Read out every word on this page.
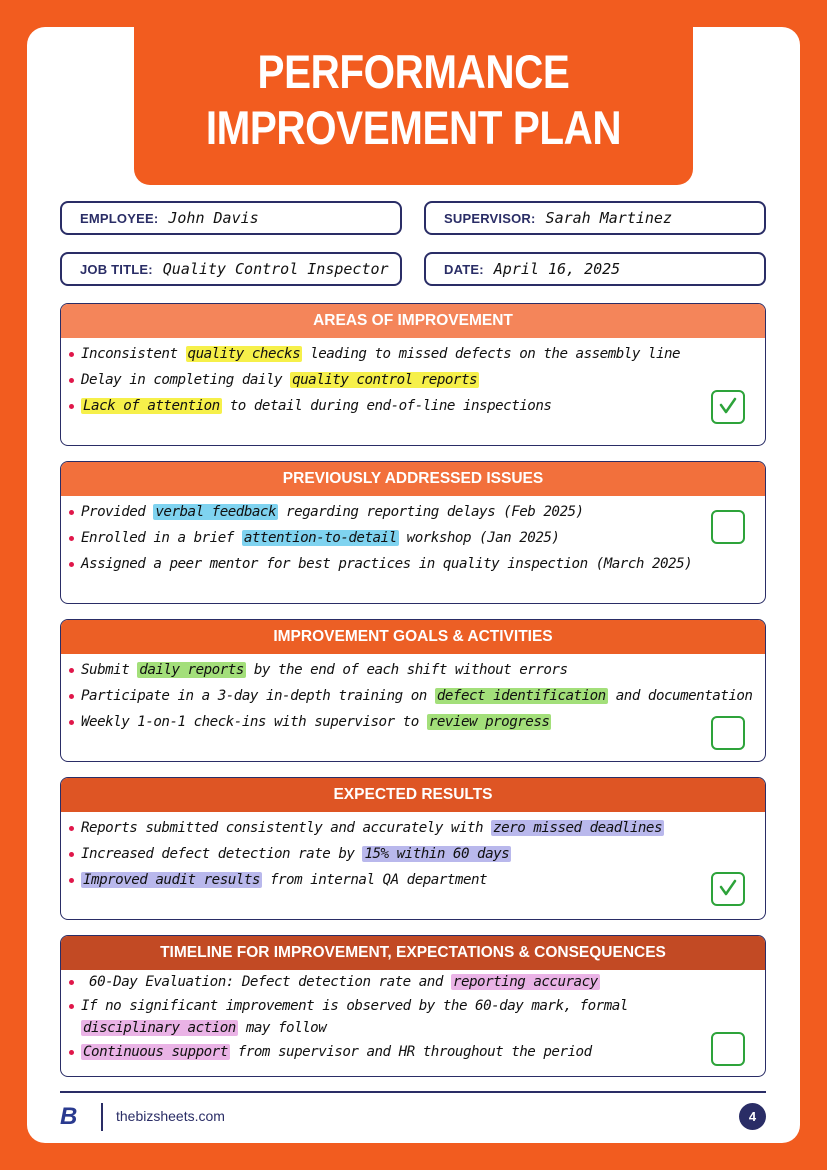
PERFORMANCE
IMPROVEMENT PLAN
EMPLOYEE: John Davis	SUPERVISOR: Sarah Martinez
JOB TITLE: Quality Control Inspector	DATE: April 16, 2025
AREAS OF IMPROVEMENT
Inconsistent quality checks leading to missed defects on the assembly line
Delay in completing daily quality control reports
Lack of attention to detail during end-of-line inspections
PREVIOUSLY ADDRESSED ISSUES
Provided verbal feedback regarding reporting delays (Feb 2025)
Enrolled in a brief attention-to-detail workshop (Jan 2025)
Assigned a peer mentor for best practices in quality inspection (March 2025)
IMPROVEMENT GOALS & ACTIVITIES
Submit daily reports by the end of each shift without errors
Participate in a 3-day in-depth training on defect identification and documentation
Weekly 1-on-1 check-ins with supervisor to review progress
EXPECTED RESULTS
Reports submitted consistently and accurately with zero missed deadlines
Increased defect detection rate by 15% within 60 days
Improved audit results from internal QA department
TIMELINE FOR IMPROVEMENT, EXPECTATIONS & CONSEQUENCES
60-Day Evaluation: Defect detection rate and reporting accuracy
If no significant improvement is observed by the 60-day mark, formal
disciplinary action may follow
Continuous support from supervisor and HR throughout the period
B	thebizsheets.com	4
